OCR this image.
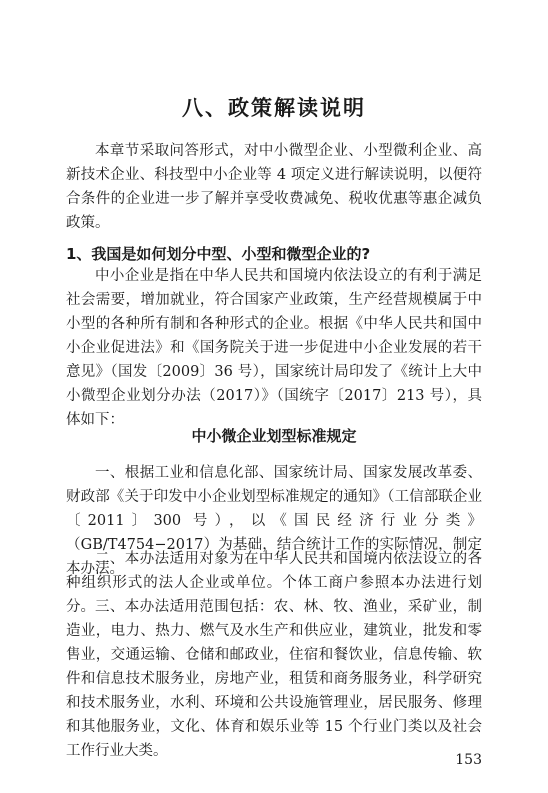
八、政策解读说明

本章节采取问答形式，对中小微型企业、小型微利企业、高新技术企业、科技型中小企业等 4 项定义进行解读说明，以便符合条件的企业进一步了解并享受收费减免、税收优惠等惠企减负政策。

1、我国是如何划分中型、小型和微型企业的?

中小企业是指在中华人民共和国境内依法设立的有利于满足社会需要，增加就业，符合国家产业政策，生产经营规模属于中小型的各种所有制和各种形式的企业。根据《中华人民共和国中小企业促进法》和《国务院关于进一步促进中小企业发展的若干意见》（国发〔2009〕36 号），国家统计局印发了《统计上大中小微型企业划分办法（2017）》（国统字〔2017〕213 号），具体如下：

中小微企业划型标准规定

一、根据工业和信息化部、国家统计局、国家发展改革委、财政部《关于印发中小企业划型标准规定的通知》（工信部联企业〔2011〕300 号），以《国民经济行业分类》（GB/T4754−2017）为基础，结合统计工作的实际情况，制定本办法。

二、本办法适用对象为在中华人民共和国境内依法设立的各种组织形式的法人企业或单位。个体工商户参照本办法进行划分。 三、本办法适用范围包括：农、林、牧、渔业，采矿业，制造业，电力、热力、燃气及水生产和供应业，建筑业，批发和零售业，交通运输、仓储和邮政业，住宿和餐饮业，信息传输、软件和信息技术服务业，房地产业，租赁和商务服务业，科学研究和技术服务业，水利、环境和公共设施管理业，居民服务、修理和其他服务业，文化、体育和娱乐业等 15 个行业门类以及社会工作行业大类。

153
